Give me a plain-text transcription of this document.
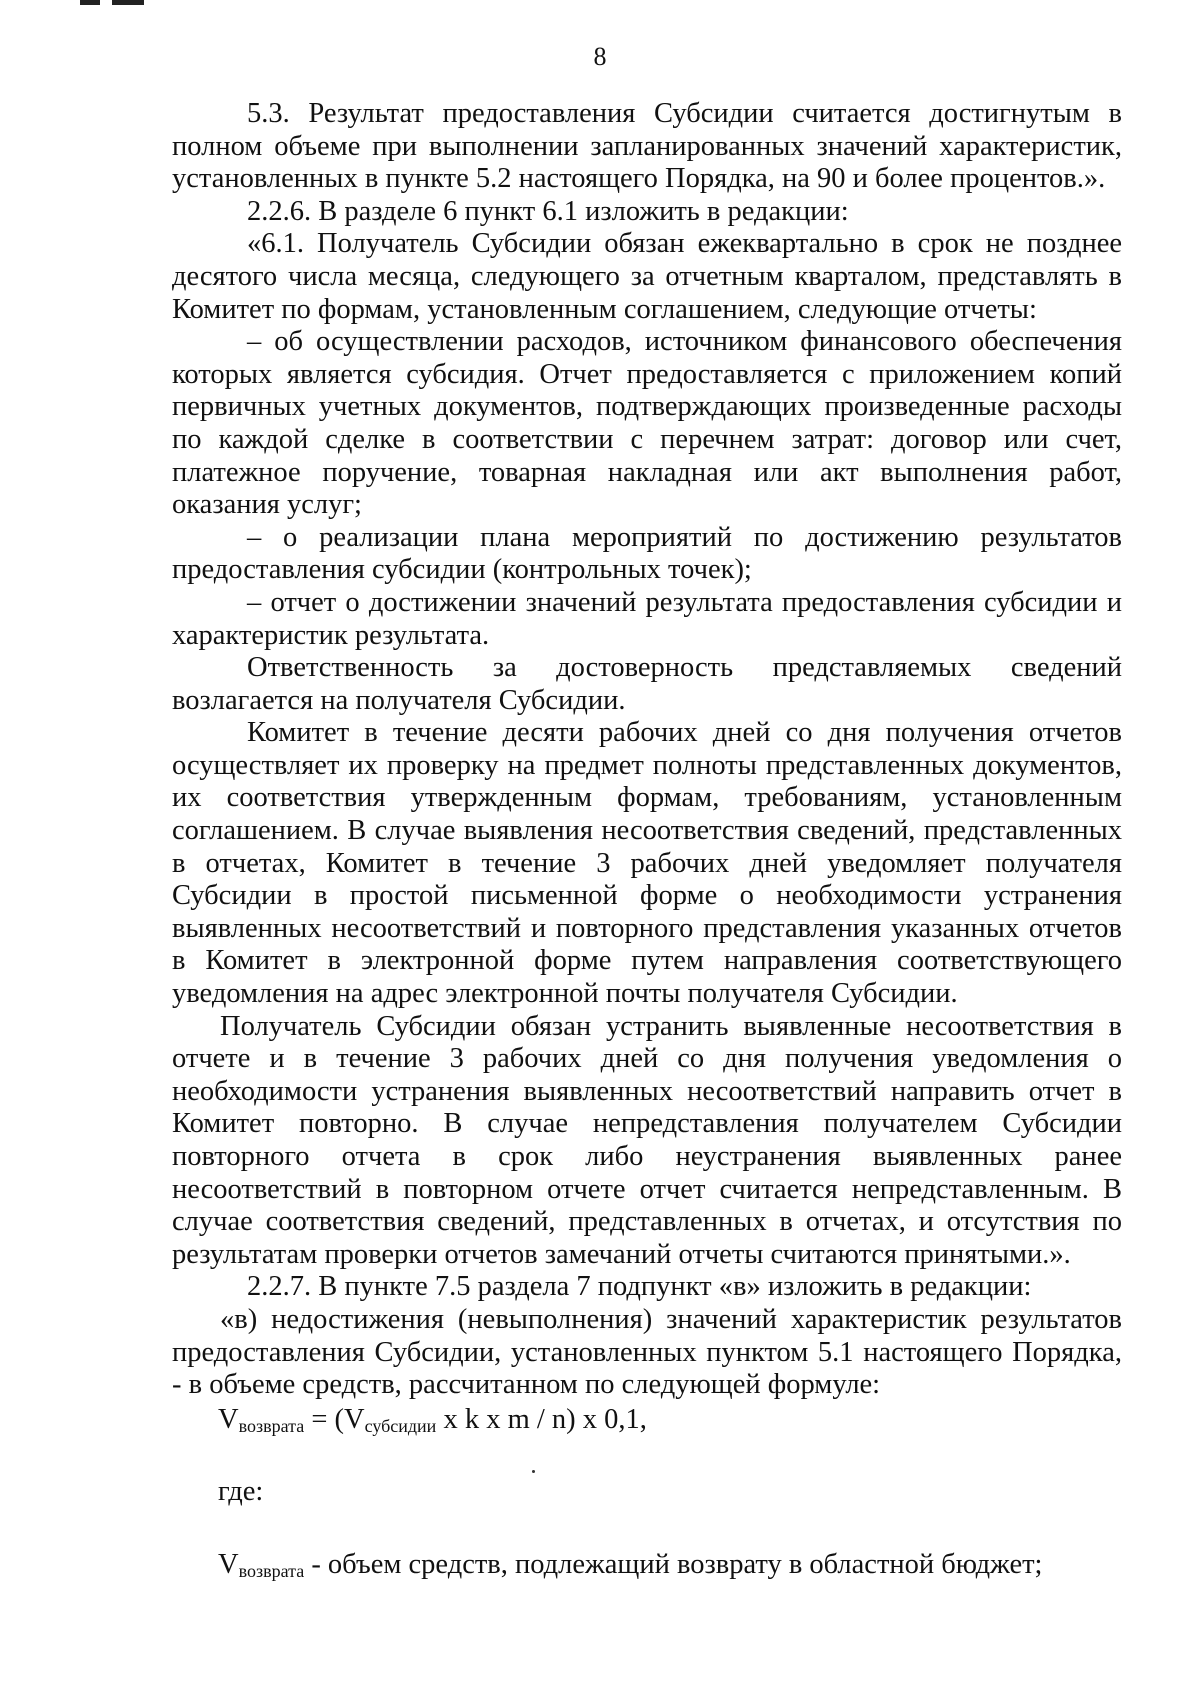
8

5.3. Результат предоставления Субсидии считается достигнутым в полном объеме при выполнении запланированных значений характеристик, установленных в пункте 5.2 настоящего Порядка, на 90 и более процентов.».

2.2.6. В разделе 6 пункт 6.1 изложить в редакции:

«6.1. Получатель Субсидии обязан ежеквартально в срок не позднее десятого числа месяца, следующего за отчетным кварталом, представлять в Комитет по формам, установленным соглашением, следующие отчеты:

– об осуществлении расходов, источником финансового обеспечения которых является субсидия. Отчет предоставляется с приложением копий первичных учетных документов, подтверждающих произведенные расходы по каждой сделке в соответствии с перечнем затрат: договор или счет, платежное поручение, товарная накладная или акт выполнения работ, оказания услуг;

– о реализации плана мероприятий по достижению результатов предоставления субсидии (контрольных точек);

– отчет о достижении значений результата предоставления субсидии и характеристик результата.

Ответственность за достоверность представляемых сведений возлагается на получателя Субсидии.

Комитет в течение десяти рабочих дней со дня получения отчетов осуществляет их проверку на предмет полноты представленных документов, их соответствия утвержденным формам, требованиям, установленным соглашением. В случае выявления несоответствия сведений, представленных в отчетах, Комитет в течение 3 рабочих дней уведомляет получателя Субсидии в простой письменной форме о необходимости устранения выявленных несоответствий и повторного представления указанных отчетов в Комитет в электронной форме путем направления соответствующего уведомления на адрес электронной почты получателя Субсидии.

Получатель Субсидии обязан устранить выявленные несоответствия в отчете и в течение 3 рабочих дней со дня получения уведомления о необходимости устранения выявленных несоответствий направить отчет в Комитет повторно. В случае непредставления получателем Субсидии повторного отчета в срок либо неустранения выявленных ранее несоответствий в повторном отчете отчет считается непредставленным. В случае соответствия сведений, представленных в отчетах, и отсутствия по результатам проверки отчетов замечаний отчеты считаются принятыми.».

2.2.7. В пункте 7.5 раздела 7 подпункт «в» изложить в редакции:

«в) недостижения (невыполнения) значений характеристик результатов предоставления Субсидии, установленных пунктом 5.1 настоящего Порядка, - в объеме средств, рассчитанном по следующей формуле:

$V_{возврата} = (V_{субсидии}$ x k x m / n) x 0,1,
где:
$V_{возврата}$ - объем средств, подлежащий возврату в областной бюджет;
